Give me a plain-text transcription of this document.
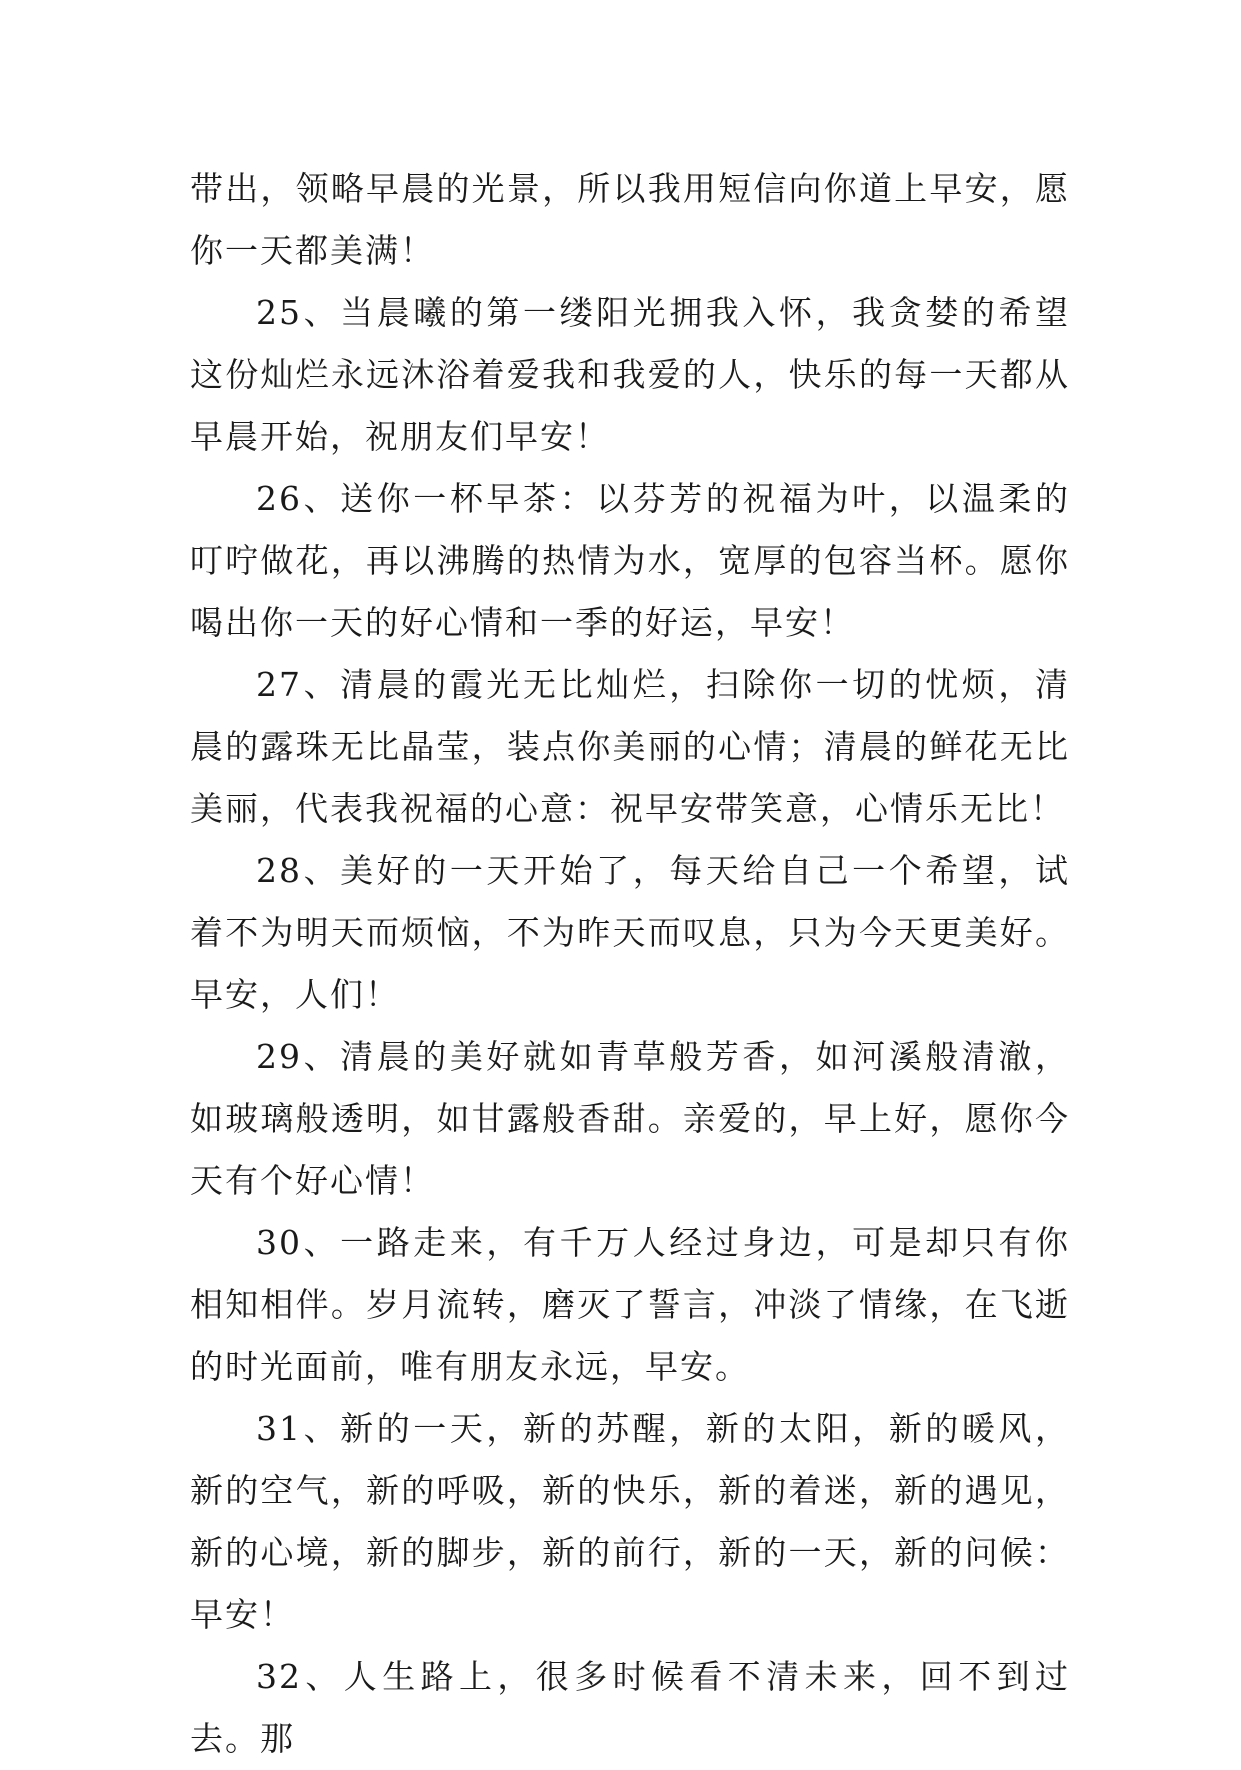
带出，领略早晨的光景，所以我用短信向你道上早安，愿你一天都美满！

25、当晨曦的第一缕阳光拥我入怀，我贪婪的希望这份灿烂永远沐浴着爱我和我爱的人，快乐的每一天都从早晨开始，祝朋友们早安！

26、送你一杯早茶：以芬芳的祝福为叶，以温柔的叮咛做花，再以沸腾的热情为水，宽厚的包容当杯。愿你喝出你一天的好心情和一季的好运，早安！

27、清晨的霞光无比灿烂，扫除你一切的忧烦，清晨的露珠无比晶莹，装点你美丽的心情；清晨的鲜花无比美丽，代表我祝福的心意：祝早安带笑意，心情乐无比！

28、美好的一天开始了，每天给自己一个希望，试着不为明天而烦恼，不为昨天而叹息，只为今天更美好。早安，人们！

29、清晨的美好就如青草般芳香，如河溪般清澈，如玻璃般透明，如甘露般香甜。亲爱的，早上好，愿你今天有个好心情！

30、一路走来，有千万人经过身边，可是却只有你相知相伴。岁月流转，磨灭了誓言，冲淡了情缘，在飞逝的时光面前，唯有朋友永远，早安。

31、新的一天，新的苏醒，新的太阳，新的暖风，新的空气，新的呼吸，新的快乐，新的着迷，新的遇见，新的心境，新的脚步，新的前行，新的一天，新的问候：早安！

32、人生路上，很多时候看不清未来，回不到过去。那
